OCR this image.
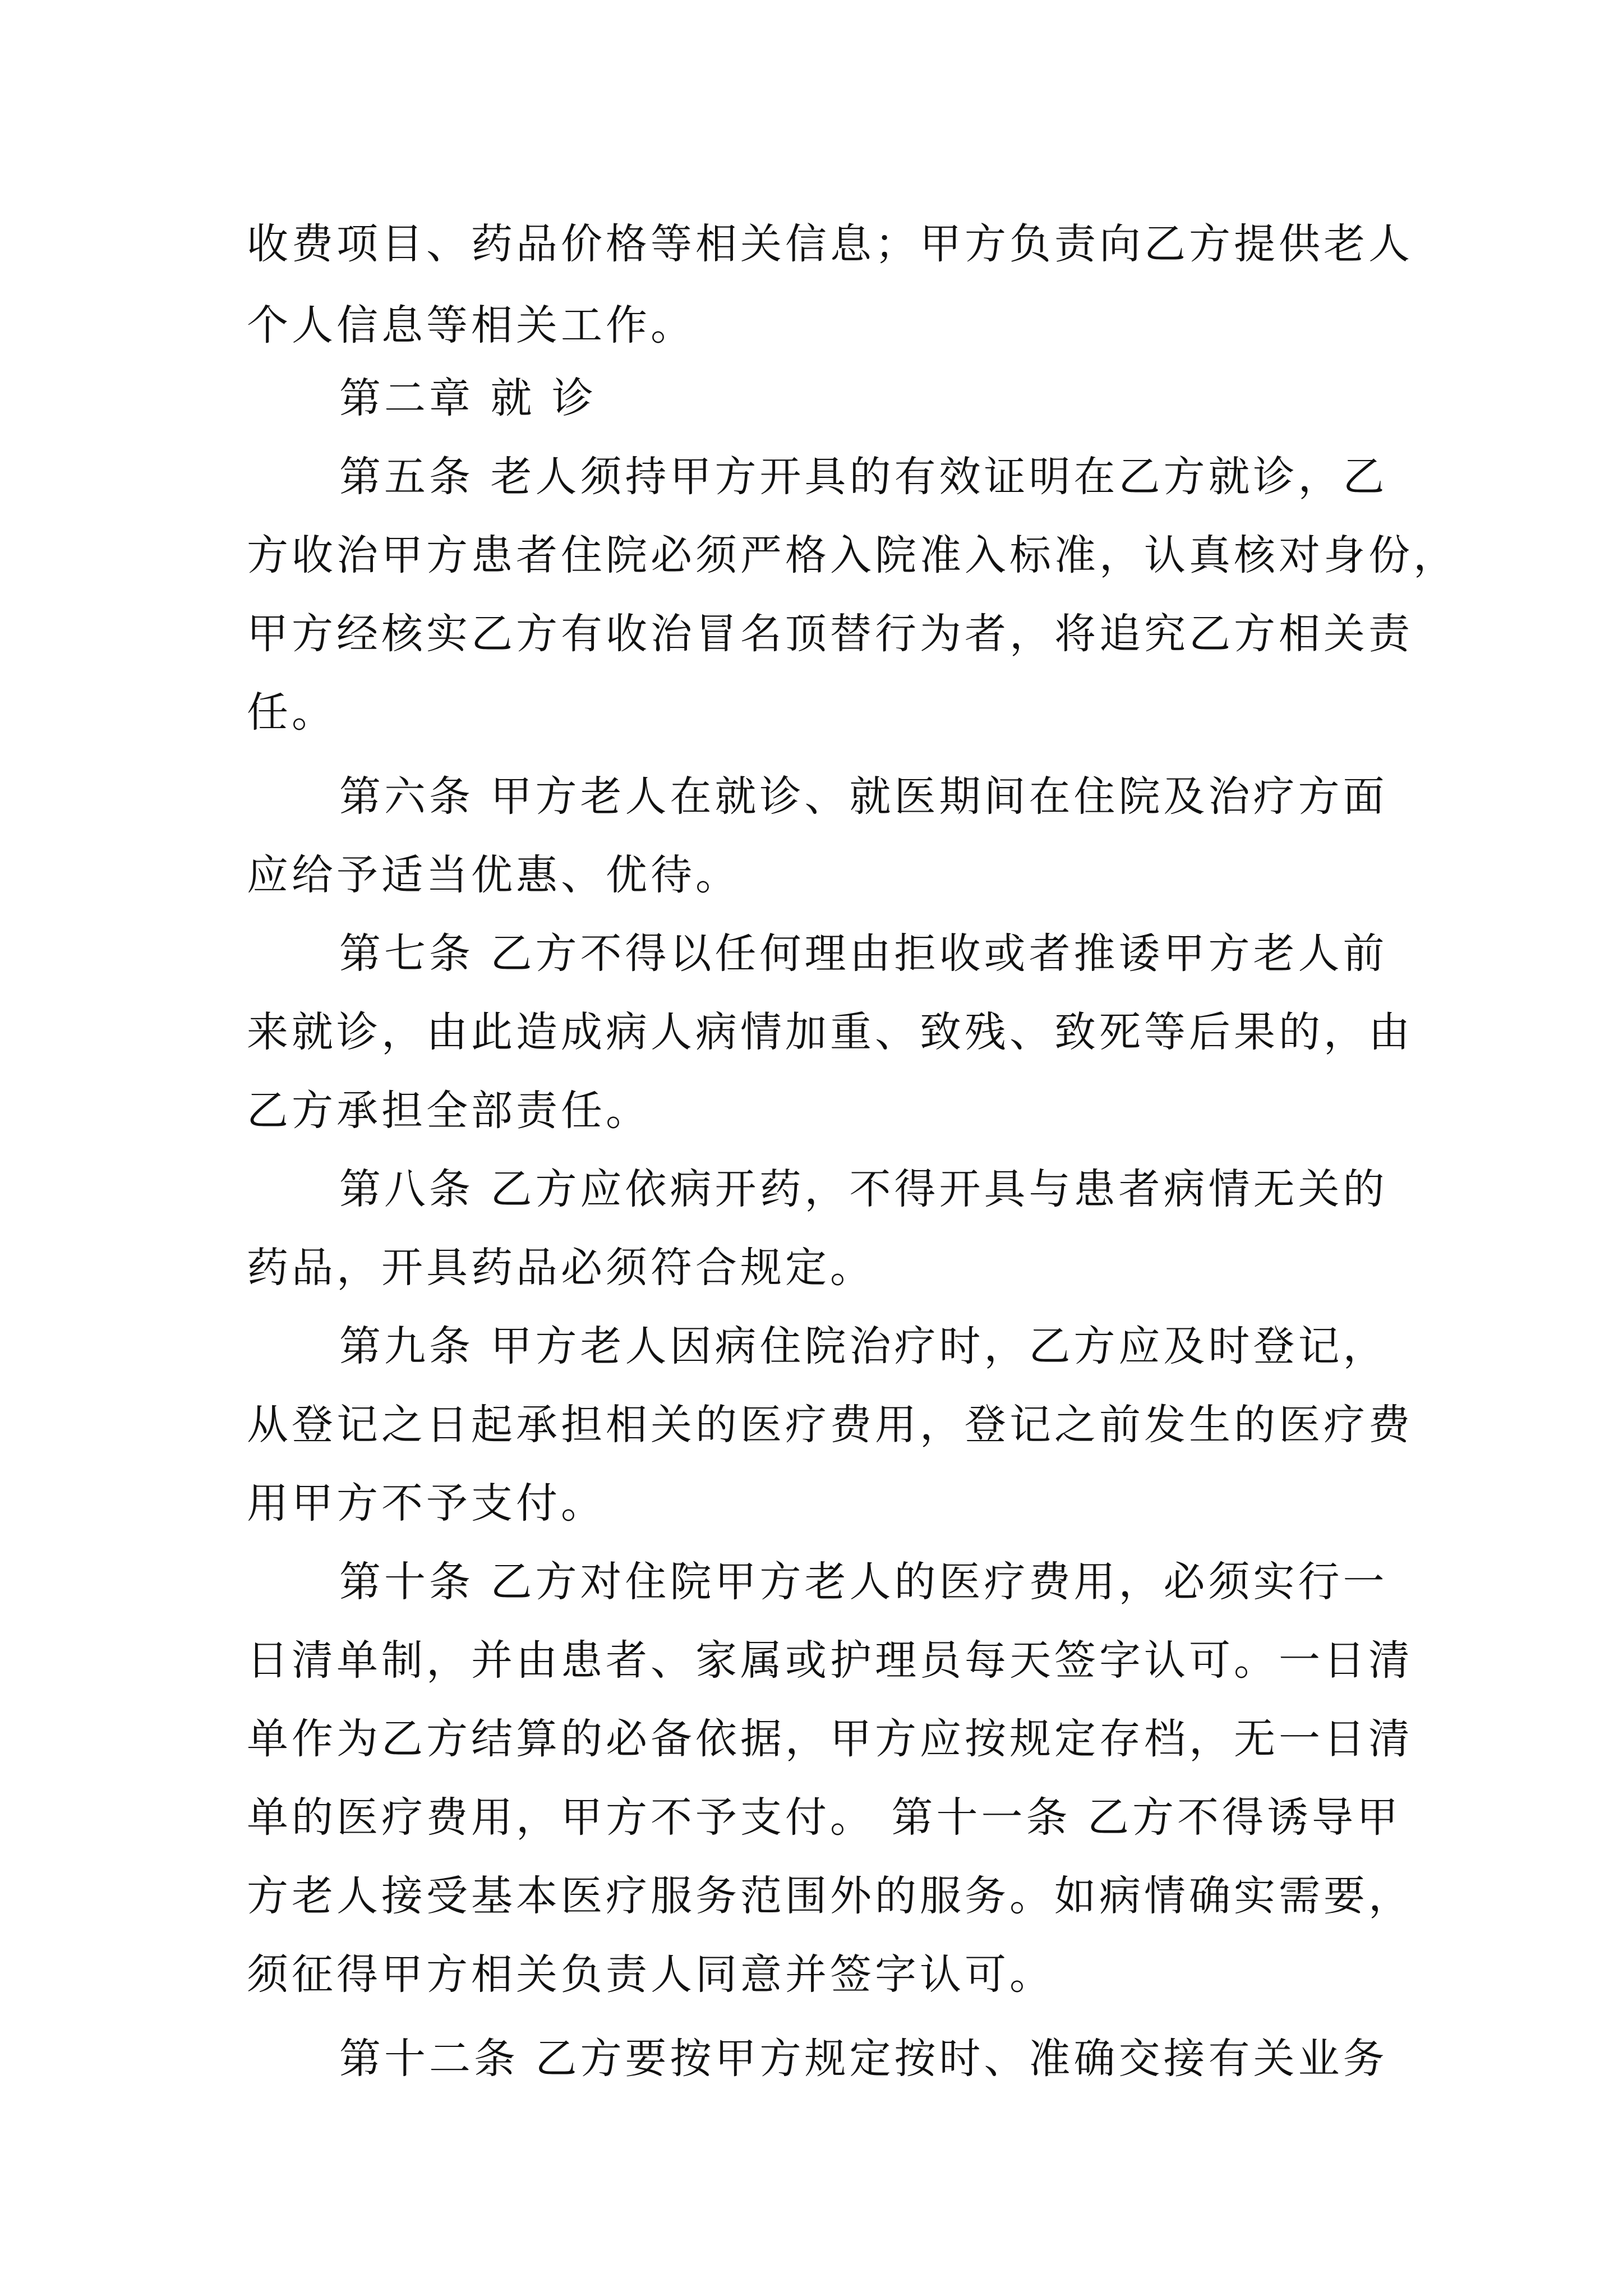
收费项目、药品价格等相关信息；甲方负责向乙方提供老人
个人信息等相关工作。
第二章 就 诊
第五条 老人须持甲方开具的有效证明在乙方就诊，乙
方收治甲方患者住院必须严格入院准入标准，认真核对身份，
甲方经核实乙方有收治冒名顶替行为者，将追究乙方相关责
任。
第六条 甲方老人在就诊、就医期间在住院及治疗方面
应给予适当优惠、优待。
第七条 乙方不得以任何理由拒收或者推诿甲方老人前
来就诊，由此造成病人病情加重、致残、致死等后果的，由
乙方承担全部责任。
第八条 乙方应依病开药，不得开具与患者病情无关的
药品，开具药品必须符合规定。
第九条 甲方老人因病住院治疗时，乙方应及时登记，
从登记之日起承担相关的医疗费用，登记之前发生的医疗费
用甲方不予支付。
第十条 乙方对住院甲方老人的医疗费用，必须实行一
日清单制，并由患者、家属或护理员每天签字认可。一日清
单作为乙方结算的必备依据，甲方应按规定存档，无一日清
单的医疗费用，甲方不予支付。 第十一条 乙方不得诱导甲
方老人接受基本医疗服务范围外的服务。如病情确实需要，
须征得甲方相关负责人同意并签字认可。
第十二条 乙方要按甲方规定按时、准确交接有关业务
